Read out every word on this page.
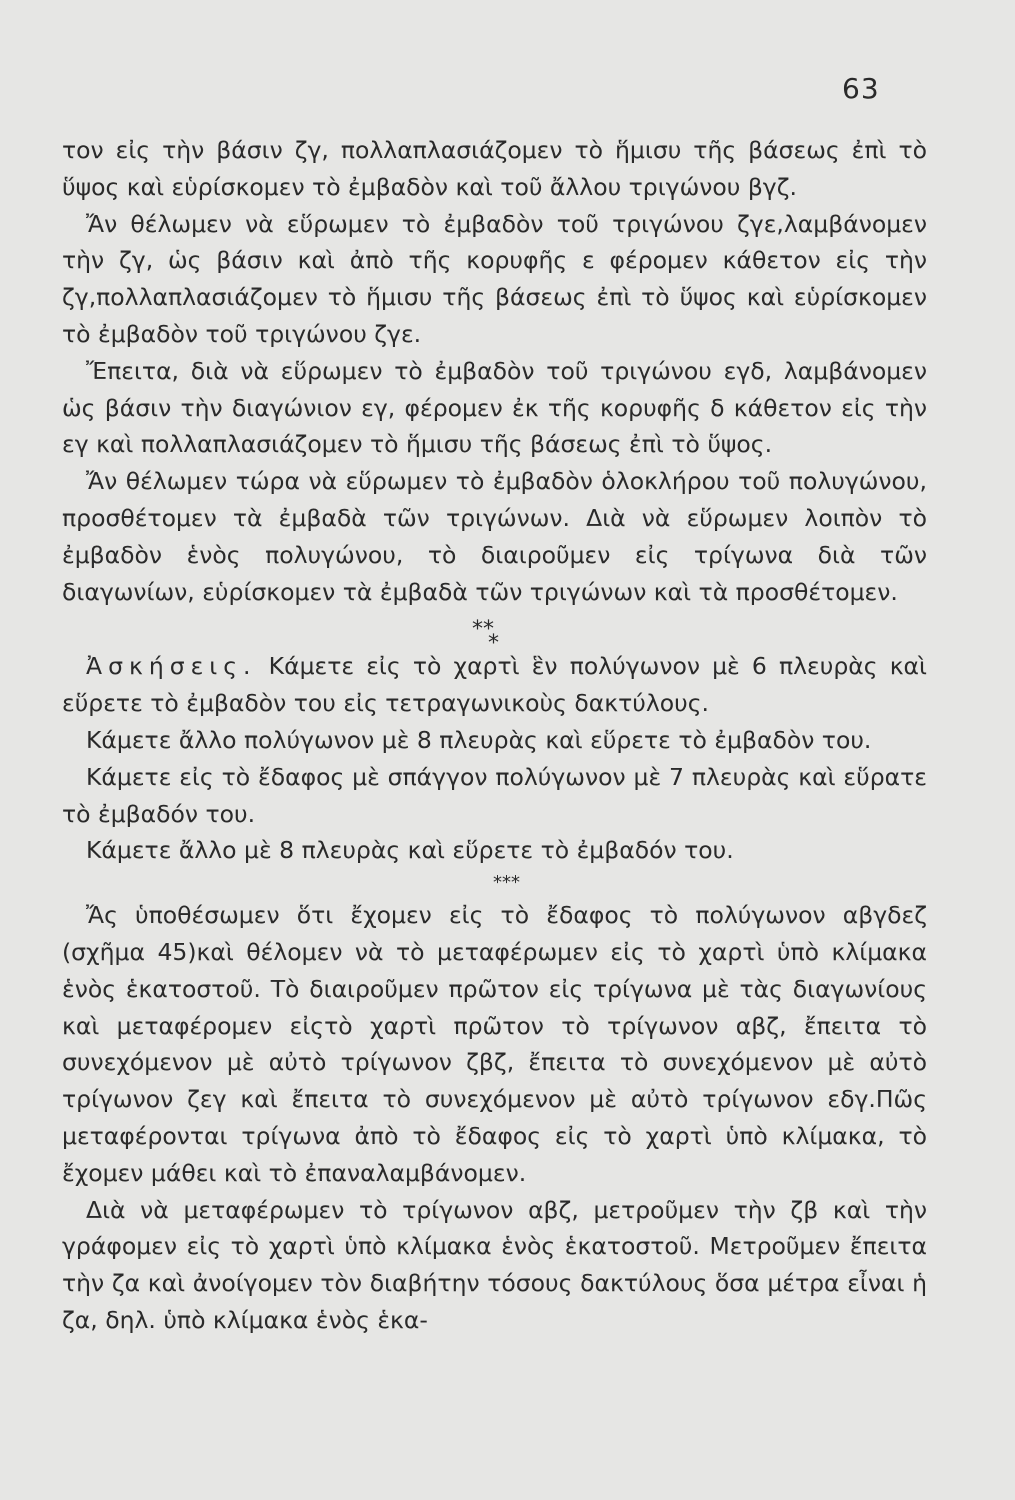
63

τον εἰς τὴν βάσιν ζγ, πολλαπλασιάζομεν τὸ ἥμισυ τῆς βάσεως ἐπὶ τὸ ὕψος καὶ εὑρίσκομεν τὸ ἐμβαδὸν καὶ τοῦ ἄλλου τριγώνου βγζ.

Ἄν θέλωμεν νὰ εὕρωμεν τὸ ἐμβαδὸν τοῦ τριγώνου ζγε,λαμβάνομεν τὴν ζγ, ὡς βάσιν καὶ ἀπὸ τῆς κορυφῆς ε φέρομεν κάθετον εἰς τὴν ζγ,πολλαπλασιάζομεν τὸ ἥμισυ τῆς βάσεως ἐπὶ τὸ ὕψος καὶ εὑρίσκομεν τὸ ἐμβαδὸν τοῦ τριγώνου ζγε.

Ἔπειτα, διὰ νὰ εὕρωμεν τὸ ἐμβαδὸν τοῦ τριγώνου εγδ, λαμβάνομεν ὡς βάσιν τὴν διαγώνιον εγ, φέρομεν ἐκ τῆς κορυφῆς δ κάθετον εἰς τὴν εγ καὶ πολλαπλασιάζομεν τὸ ἥμισυ τῆς βάσεως ἐπὶ τὸ ὕψος.

Ἄν θέλωμεν τώρα νὰ εὕρωμεν τὸ ἐμβαδὸν ὁλοκλήρου τοῦ πολυγώνου, προσθέτομεν τὰ ἐμβαδὰ τῶν τριγώνων. Διὰ νὰ εὕρωμεν λοιπὸν τὸ ἐμβαδὸν ἑνὸς πολυγώνου, τὸ διαιροῦμεν εἰς τρίγωνα διὰ τῶν διαγωνίων, εὑρίσκομεν τὰ ἐμβαδὰ τῶν τριγώνων καὶ τὰ προσθέτομεν.

**
*

Ἀσκήσεις. Κάμετε εἰς τὸ χαρτὶ ἓν πολύγωνον μὲ 6 πλευρὰς καὶ εὕρετε τὸ ἐμβαδὸν του εἰς τετραγωνικοὺς δακτύλους.

Κάμετε ἄλλο πολύγωνον μὲ 8 πλευρὰς καὶ εὕρετε τὸ ἐμβαδὸν του.

Κάμετε εἰς τὸ ἔδαφος μὲ σπάγγον πολύγωνον μὲ 7 πλευρὰς καὶ εὕρατε τὸ ἐμβαδόν του.

Κάμετε ἄλλο μὲ 8 πλευρὰς καὶ εὕρετε τὸ ἐμβαδόν του.

***

Ἄς ὑποθέσωμεν ὅτι ἔχομεν εἰς τὸ ἔδαφος τὸ πολύγωνον αβγδεζ (σχῆμα 45)καὶ θέλομεν νὰ τὸ μεταφέρωμεν εἰς τὸ χαρτὶ ὑπὸ κλίμακα ἑνὸς ἑκατοστοῦ. Τὸ διαιροῦμεν πρῶτον εἰς τρίγωνα μὲ τὰς διαγωνίους καὶ μεταφέρομεν εἰςτὸ χαρτὶ πρῶτον τὸ τρίγωνον αβζ, ἔπειτα τὸ συνεχόμενον μὲ αὐτὸ τρίγωνον ζβζ, ἔπειτα τὸ συνεχόμενον μὲ αὐτὸ τρίγωνον ζεγ καὶ ἔπειτα τὸ συνεχόμενον μὲ αὐτὸ τρίγωνον εδγ.Πῶς μεταφέρονται τρίγωνα ἀπὸ τὸ ἔδαφος εἰς τὸ χαρτὶ ὑπὸ κλίμακα, τὸ ἔχομεν μάθει καὶ τὸ ἐπαναλαμβάνομεν.

Διὰ νὰ μεταφέρωμεν τὸ τρίγωνον αβζ, μετροῦμεν τὴν ζβ καὶ τὴν γράφομεν εἰς τὸ χαρτὶ ὑπὸ κλίμακα ἑνὸς ἑκατοστοῦ. Μετροῦμεν ἔπειτα τὴν ζα καὶ ἀνοίγομεν τὸν διαβήτην τόσους δακτύλους ὅσα μέτρα εἶναι ἡ ζα, δηλ. ὑπὸ κλίμακα ἑνὸς ἑκα-
